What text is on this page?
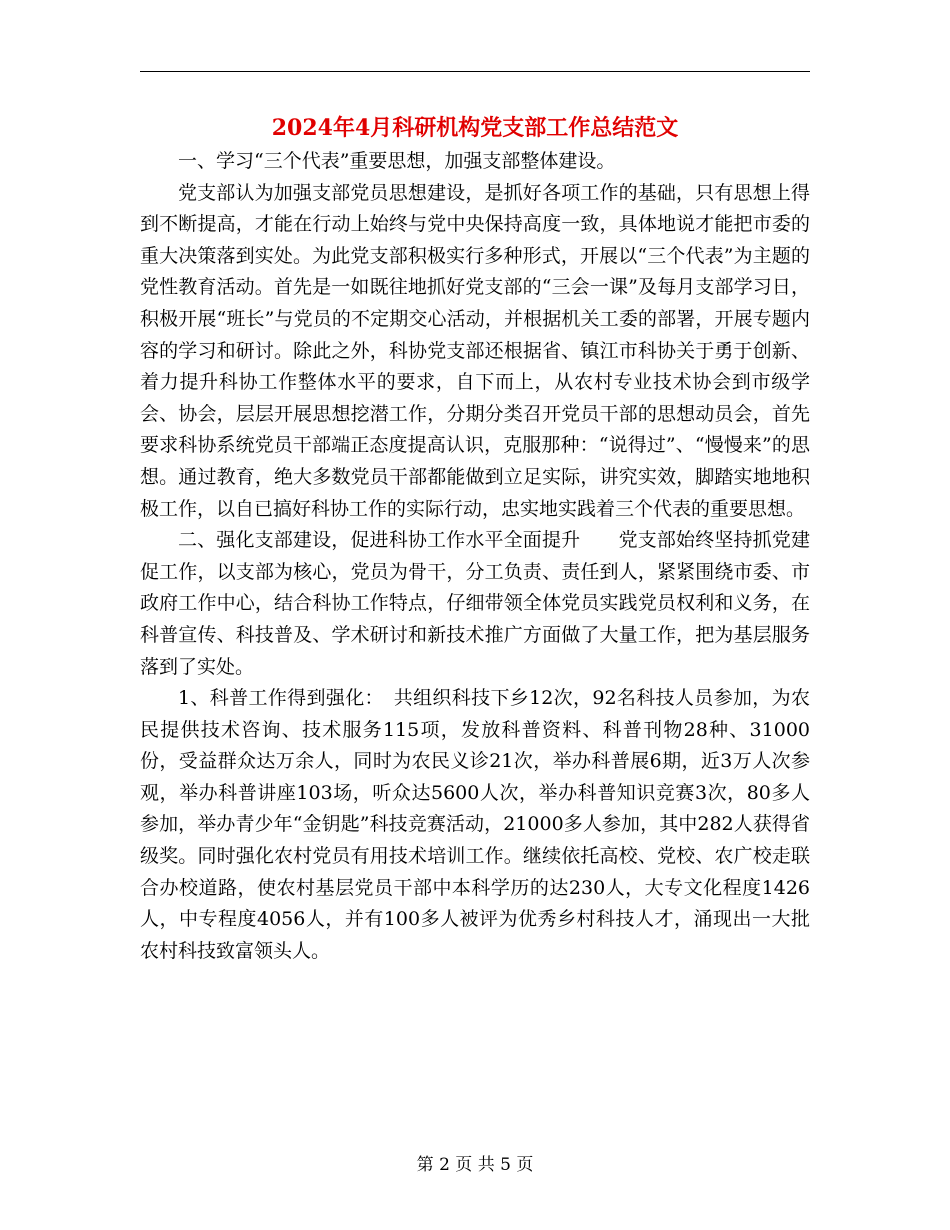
2024年4月科研机构党支部工作总结范文

一、学习“三个代表”重要思想，加强支部整体建设。

党支部认为加强支部党员思想建设，是抓好各项工作的基础，只有思想上得到不断提高，才能在行动上始终与党中央保持高度一致，具体地说才能把市委的重大决策落到实处。为此党支部积极实行多种形式，开展以“三个代表”为主题的党性教育活动。首先是一如既往地抓好党支部的“三会一课”及每月支部学习日，积极开展“班长”与党员的不定期交心活动，并根据机关工委的部署，开展专题内容的学习和研讨。除此之外，科协党支部还根据省、镇江市科协关于勇于创新、着力提升科协工作整体水平的要求，自下而上，从农村专业技术协会到市级学会、协会，层层开展思想挖潜工作，分期分类召开党员干部的思想动员会，首先要求科协系统党员干部端正态度提高认识，克服那种：“说得过”、“慢慢来”的思想。通过教育，绝大多数党员干部都能做到立足实际，讲究实效，脚踏实地地积极工作，以自已搞好科协工作的实际行动，忠实地实践着三个代表的重要思想。

二、强化支部建设，促进科协工作水平全面提升　　党支部始终坚持抓党建促工作，以支部为核心，党员为骨干，分工负责、责任到人，紧紧围绕市委、市政府工作中心，结合科协工作特点，仔细带领全体党员实践党员权利和义务，在科普宣传、科技普及、学术研讨和新技术推广方面做了大量工作，把为基层服务落到了实处。

1、科普工作得到强化：　共组织科技下乡12次，92名科技人员参加，为农民提供技术咨询、技术服务115项，发放科普资料、科普刊物28种、31000份，受益群众达万余人，同时为农民义诊21次，举办科普展6期，近3万人次参观，举办科普讲座103场，听众达5600人次，举办科普知识竞赛3次，80多人参加，举办青少年“金钥匙”科技竞赛活动，21000多人参加，其中282人获得省级奖。同时强化农村党员有用技术培训工作。继续依托高校、党校、农广校走联合办校道路，使农村基层党员干部中本科学历的达230人，大专文化程度1426人，中专程度4056人，并有100多人被评为优秀乡村科技人才，涌现出一大批农村科技致富领头人。

第 2 页 共 5 页
